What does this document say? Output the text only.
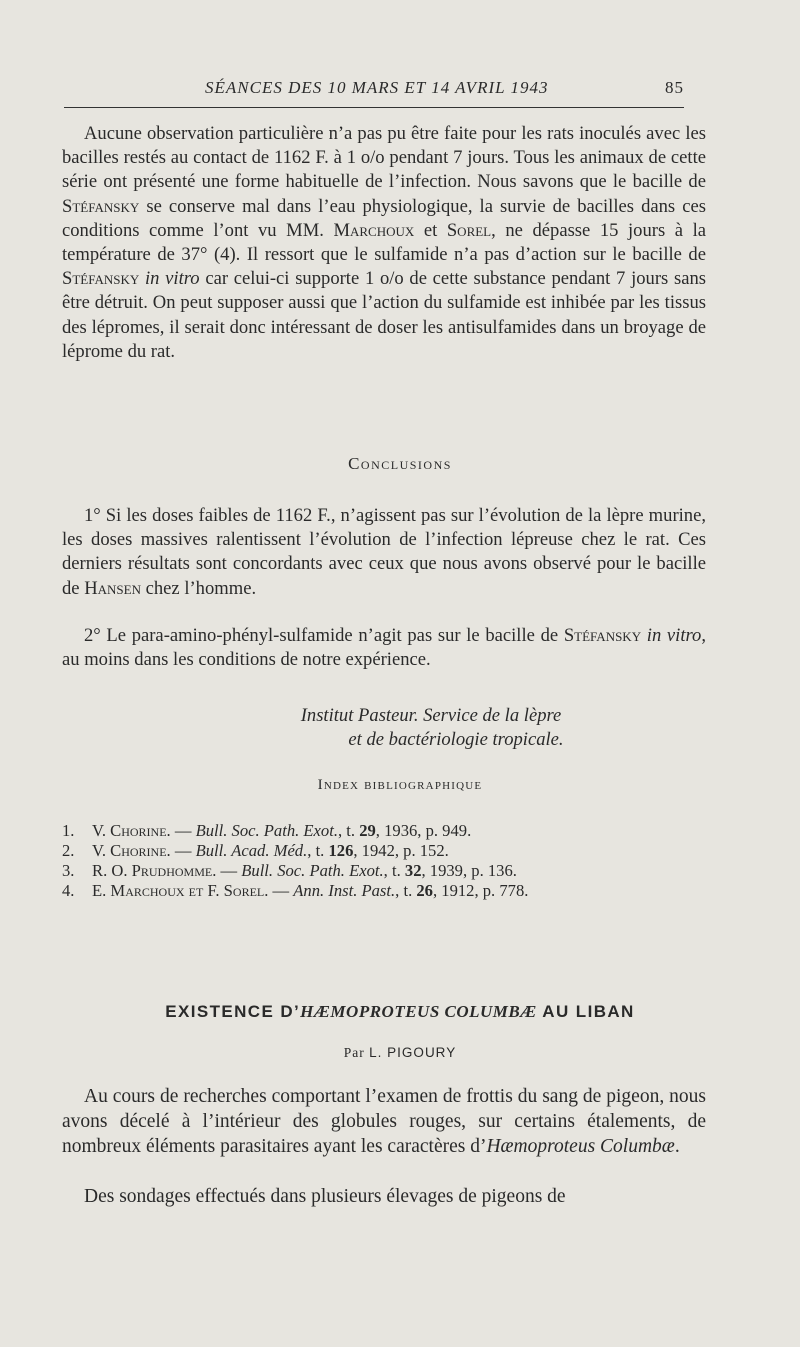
SÉANCES DES 10 MARS ET 14 AVRIL 1943	85

Aucune observation particulière n’a pas pu être faite pour les rats inoculés avec les bacilles restés au contact de 1162 F. à 1 o/o pendant 7 jours. Tous les animaux de cette série ont présenté une forme habituelle de l’infection. Nous savons que le bacille de Stéfansky se conserve mal dans l’eau physiologique, la survie de bacilles dans ces conditions comme l’ont vu MM. Marchoux et Sorel, ne dépasse 15 jours à la température de 37° (4). Il ressort que le sulfamide n’a pas d’action sur le bacille de Stéfansky in vitro car celui-ci supporte 1 o/o de cette substance pendant 7 jours sans être détruit. On peut supposer aussi que l’action du sulfamide est inhibée par les tissus des lépromes, il serait donc intéressant de doser les antisulfamides dans un broyage de léprome du rat.

Conclusions

1° Si les doses faibles de 1162 F., n’agissent pas sur l’évolution de la lèpre murine, les doses massives ralentissent l’évolution de l’infection lépreuse chez le rat. Ces derniers résultats sont concordants avec ceux que nous avons observé pour le bacille de Hansen chez l’homme.

2° Le para-amino-phényl-sulfamide n’agit pas sur le bacille de Stéfansky in vitro, au moins dans les conditions de notre expérience.

Institut Pasteur. Service de la lèpre

et de bactériologie tropicale.

Index bibliographique

1. V. Chorine. — Bull. Soc. Path. Exot., t. 29, 1936, p. 949.

2. V. Chorine. — Bull. Acad. Méd., t. 126, 1942, p. 152.

3. R. O. Prudhomme. — Bull. Soc. Path. Exot., t. 32, 1939, p. 136.

4. E. Marchoux et F. Sorel. — Ann. Inst. Past., t. 26, 1912, p. 778.

EXISTENCE D’HÆMOPROTEUS COLUMBÆ AU LIBAN

Par L. PIGOURY

Au cours de recherches comportant l’examen de frottis du sang de pigeon, nous avons décelé à l’intérieur des globules rouges, sur certains étalements, de nombreux éléments parasitaires ayant les caractères d’Hæmoproteus Columbæ.

Des sondages effectués dans plusieurs élevages de pigeons de
